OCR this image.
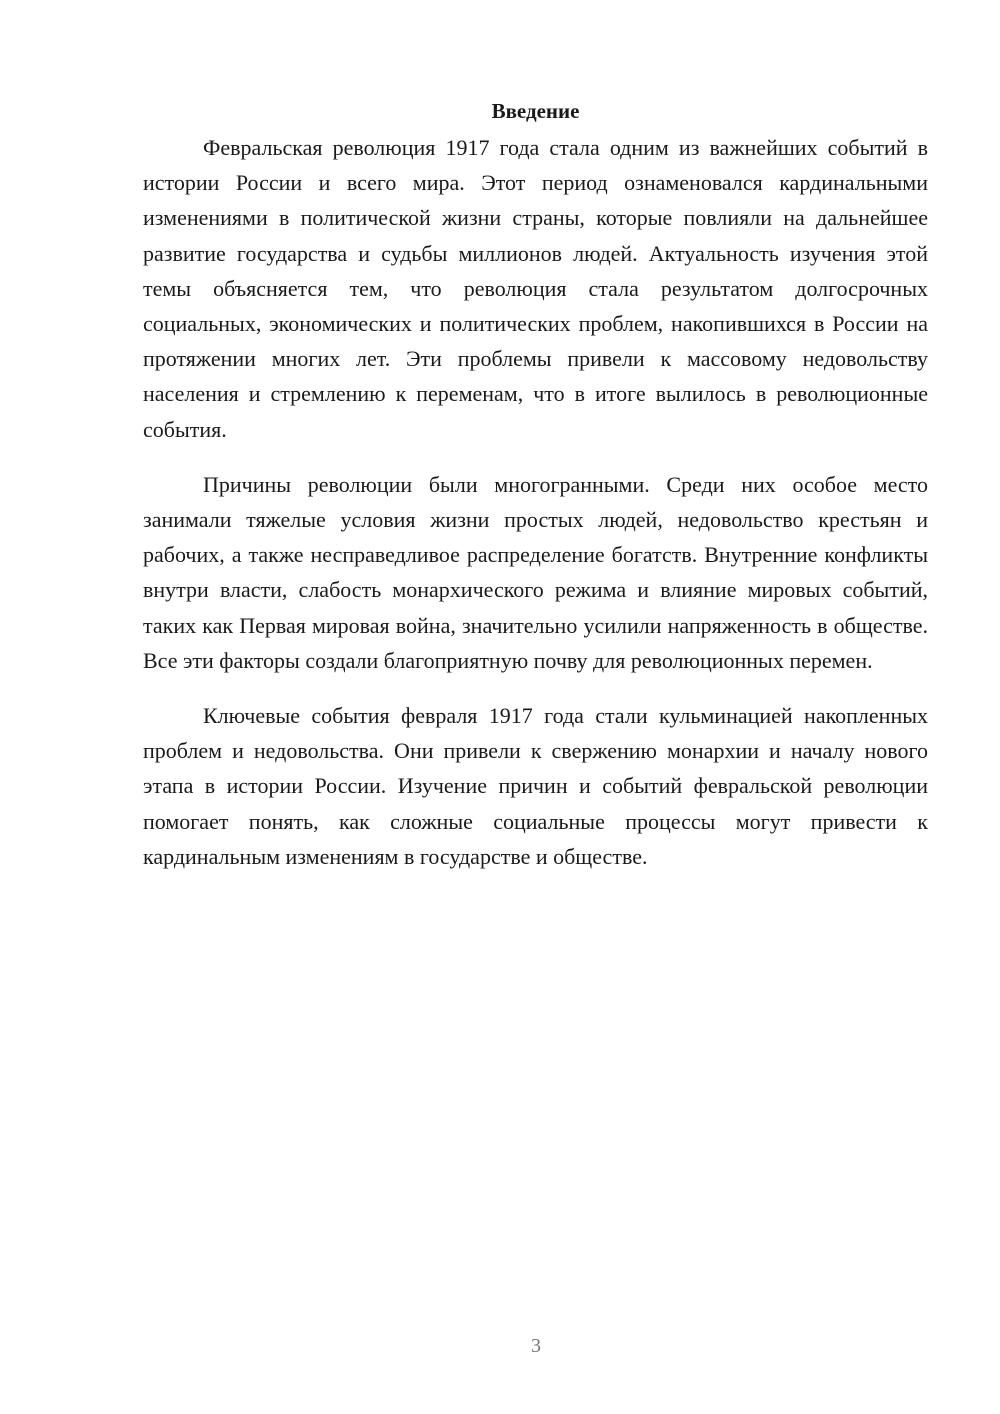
Введение

Февральская революция 1917 года стала одним из важнейших событий в истории России и всего мира. Этот период ознаменовался кардинальными изменениями в политической жизни страны, которые повлияли на дальнейшее развитие государства и судьбы миллионов людей. Актуальность изучения этой темы объясняется тем, что революция стала результатом долгосрочных социальных, экономических и политических проблем, накопившихся в России на протяжении многих лет. Эти проблемы привели к массовому недовольству населения и стремлению к переменам, что в итоге вылилось в революционные события.

Причины революции были многогранными. Среди них особое место занимали тяжелые условия жизни простых людей, недовольство крестьян и рабочих, а также несправедливое распределение богатств. Внутренние конфликты внутри власти, слабость монархического режима и влияние мировых событий, таких как Первая мировая война, значительно усилили напряженность в обществе. Все эти факторы создали благоприятную почву для революционных перемен.

Ключевые события февраля 1917 года стали кульминацией накопленных проблем и недовольства. Они привели к свержению монархии и началу нового этапа в истории России. Изучение причин и событий февральской революции помогает понять, как сложные социальные процессы могут привести к кардинальным изменениям в государстве и обществе.

3
